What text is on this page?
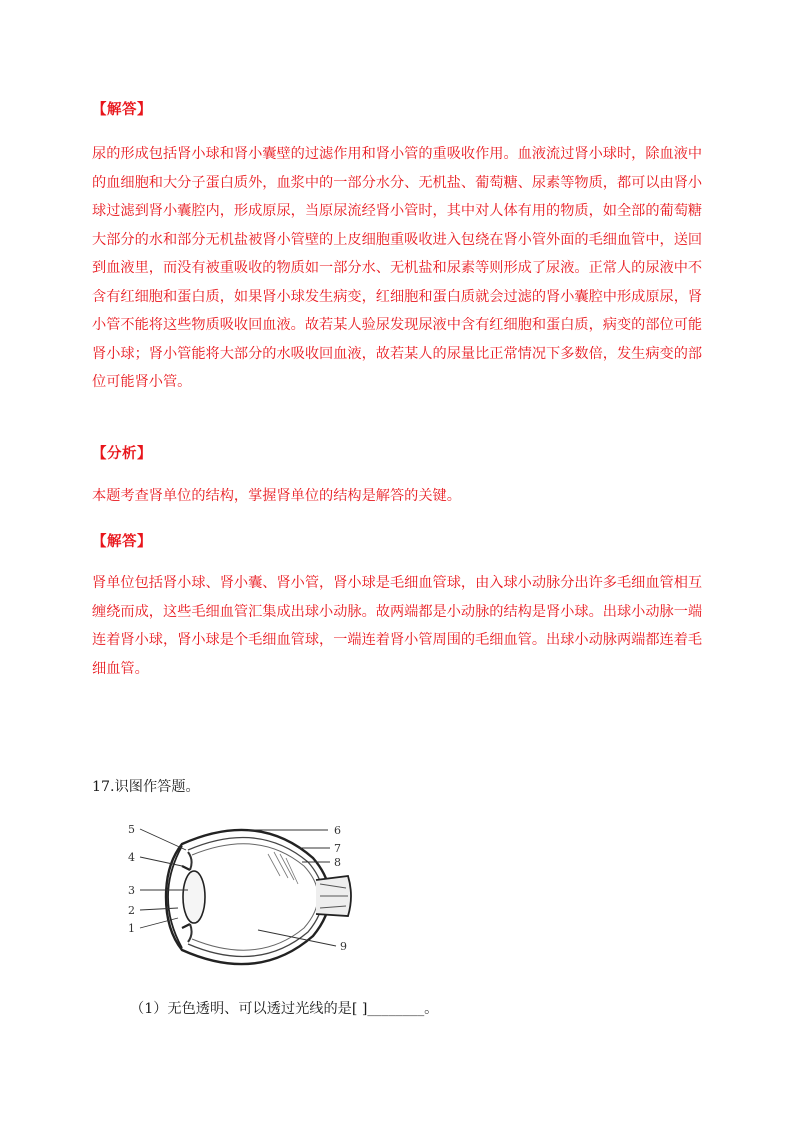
【解答】
尿的形成包括肾小球和肾小囊壁的过滤作用和肾小管的重吸收作用。血液流过肾小球时，除血液中
的血细胞和大分子蛋白质外，血浆中的一部分水分、无机盐、葡萄糖、尿素等物质，都可以由肾小
球过滤到肾小囊腔内，形成原尿，当原尿流经肾小管时，其中对人体有用的物质，如全部的葡萄糖
大部分的水和部分无机盐被肾小管壁的上皮细胞重吸收进入包绕在肾小管外面的毛细血管中，送回
到血液里，而没有被重吸收的物质如一部分水、无机盐和尿素等则形成了尿液。正常人的尿液中不
含有红细胞和蛋白质，如果肾小球发生病变，红细胞和蛋白质就会过滤的肾小囊腔中形成原尿，肾
小管不能将这些物质吸收回血液。故若某人验尿发现尿液中含有红细胞和蛋白质，病变的部位可能
肾小球；肾小管能将大部分的水吸收回血液，故若某人的尿量比正常情况下多数倍，发生病变的部
位可能肾小管。
【分析】
本题考查肾单位的结构，掌握肾单位的结构是解答的关键。
【解答】
肾单位包括肾小球、肾小囊、肾小管，肾小球是毛细血管球，由入球小动脉分出许多毛细血管相互
缠绕而成，这些毛细血管汇集成出球小动脉。故两端都是小动脉的结构是肾小球。出球小动脉一端
连着肾小球，肾小球是个毛细血管球，一端连着肾小管周围的毛细血管。出球小动脉两端都连着毛
细血管。
17.识图作答题。
5
4
3
2
1
6
7
8
9
（1）无色透明、可以透过光线的是[ ]________。
